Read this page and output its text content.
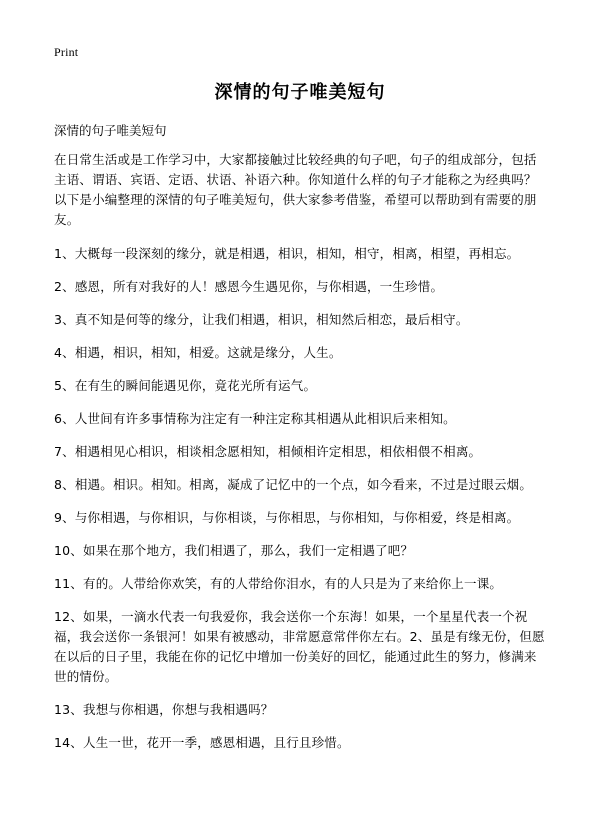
Print
深情的句子唯美短句
深情的句子唯美短句

在日常生活或是工作学习中，大家都接触过比较经典的句子吧，句子的组成部分，包括主语、谓语、宾语、定语、状语、补语六种。你知道什么样的句子才能称之为经典吗？以下是小编整理的深情的句子唯美短句，供大家参考借鉴，希望可以帮助到有需要的朋友。

1、大概每一段深刻的缘分，就是相遇，相识，相知，相守，相离，相望，再相忘。

2、感恩，所有对我好的人！感恩今生遇见你，与你相遇，一生珍惜。

3、真不知是何等的缘分，让我们相遇，相识，相知然后相恋，最后相守。

4、相遇，相识，相知，相爱。这就是缘分，人生。

5、在有生的瞬间能遇见你，竟花光所有运气。

6、人世间有许多事情称为注定有一种注定称其相遇从此相识后来相知。

7、相遇相见心相识，相谈相念愿相知，相倾相许定相思，相依相偎不相离。

8、相遇。相识。相知。相离，凝成了记忆中的一个点，如今看来，不过是过眼云烟。

9、与你相遇，与你相识，与你相谈，与你相思，与你相知，与你相爱，终是相离。

10、如果在那个地方，我们相遇了，那么，我们一定相遇了吧？

11、有的。人带给你欢笑，有的人带给你泪水，有的人只是为了来给你上一课。

12、如果，一滴水代表一句我爱你，我会送你一个东海！如果，一个星星代表一个祝福，我会送你一条银河！如果有被感动，非常愿意常伴你左右。2、虽是有缘无份，但愿在以后的日子里，我能在你的记忆中增加一份美好的回忆，能通过此生的努力，修满来世的情份。

13、我想与你相遇，你想与我相遇吗？

14、人生一世，花开一季，感恩相遇，且行且珍惜。
